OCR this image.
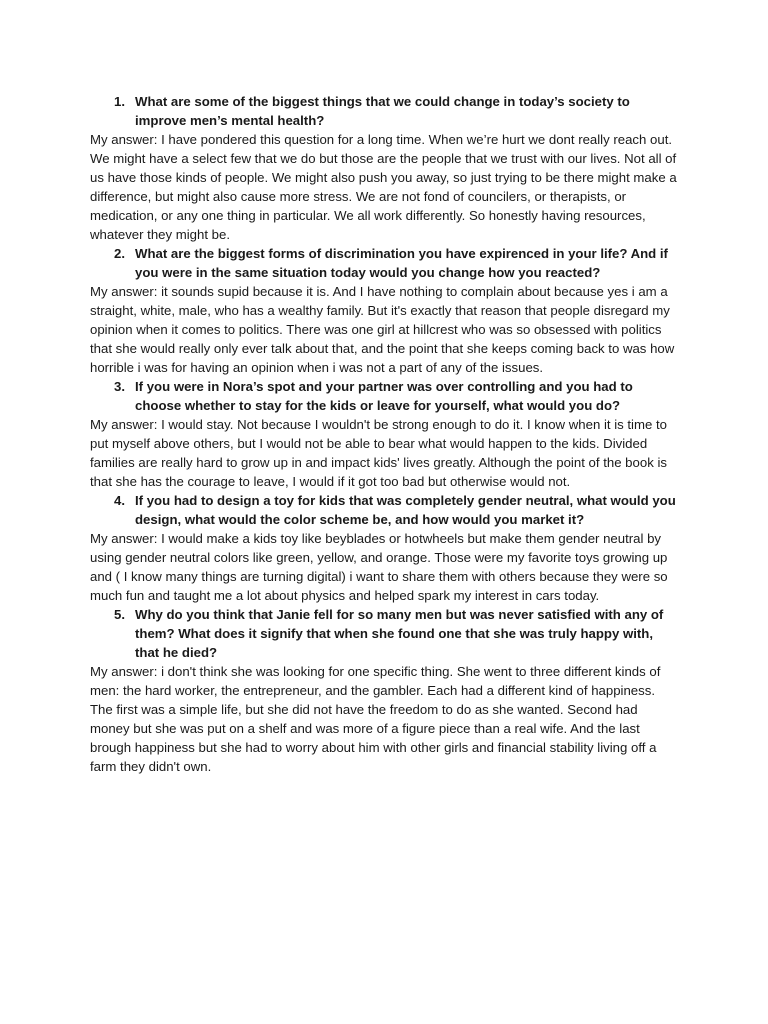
1. What are some of the biggest things that we could change in today’s society to improve men’s mental health?

My answer: I have pondered this question for a long time. When we’re hurt we dont really reach out. We might have a select few that we do but those are the people that we trust with our lives. Not all of us have those kinds of people. We might also push you away, so just trying to be there might make a difference, but might also cause more stress. We are not fond of councilers, or therapists, or medication, or any one thing in particular. We all work differently. So honestly having resources, whatever they might be.

2. What are the biggest forms of discrimination you have expirenced in your life? And if you were in the same situation today would you change how you reacted?

My answer: it sounds supid because it is. And I have nothing to complain about because yes i am a straight, white, male, who has a wealthy family. But it's exactly that reason that people disregard my opinion when it comes to politics. There was one girl at hillcrest who was so obsessed with politics that she would really only ever talk about that, and the point that she keeps coming back to was how horrible i was for having an opinion when i was not a part of any of the issues.

3. If you were in Nora’s spot and your partner was over controlling and you had to choose whether to stay for the kids or leave for yourself, what would you do?

My answer: I would stay. Not because I wouldn't be strong enough to do it. I know when it is time to put myself above others, but I would not be able to bear what would happen to the kids. Divided families are really hard to grow up in and impact kids' lives greatly. Although the point of the book is that she has the courage to leave, I would if it got too bad but otherwise would not.

4. If you had to design a toy for kids that was completely gender neutral, what would you design, what would the color scheme be, and how would you market it?

My answer: I would make a kids toy like beyblades or hotwheels but make them gender neutral by using gender neutral colors like green, yellow, and orange. Those were my favorite toys growing up and ( I know many things are turning digital) i want to share them with others because they were so much fun and taught me a lot about physics and helped spark my interest in cars today.

5. Why do you think that Janie fell for so many men but was never satisfied with any of them? What does it signify that when she found one that she was truly happy with, that he died?

My answer: i don't think she was looking for one specific thing. She went to three different kinds of men: the hard worker, the entrepreneur, and the gambler. Each had a different kind of happiness. The first was a simple life, but she did not have the freedom to do as she wanted. Second had money but she was put on a shelf and was more of a figure piece than a real wife. And the last brough happiness but she had to worry about him with other girls and financial stability living off a farm they didn't own.
